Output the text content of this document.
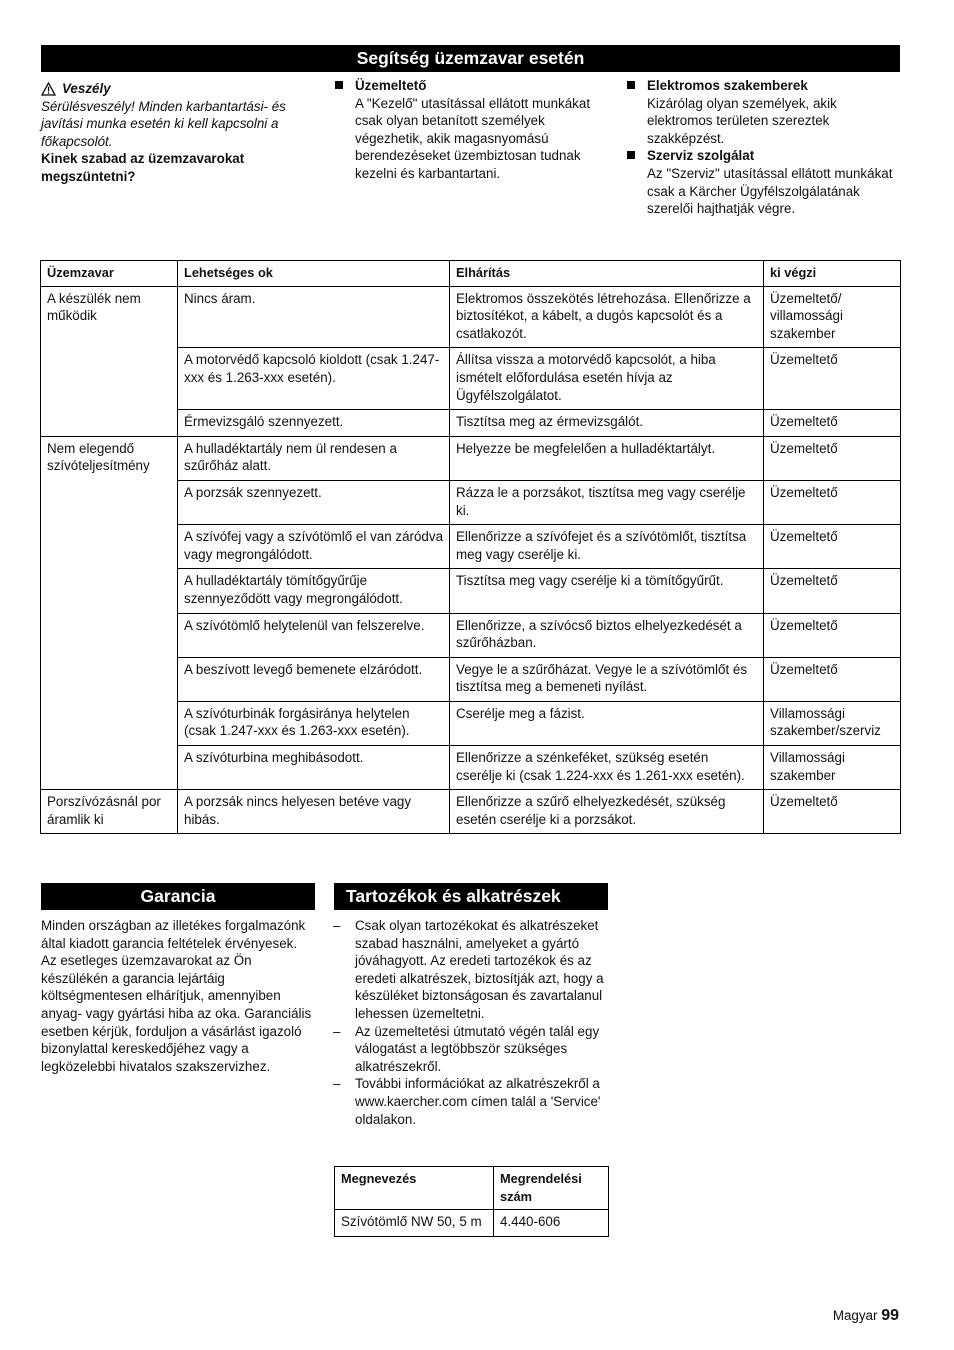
Segítség üzemzavar esetén
Veszély

Sérülésveszély! Minden karbantartási- és javítási munka esetén ki kell kapcsolni a főkapcsolót.

Kinek szabad az üzemzavarokat megszüntetni?

Üzemeltető
A "Kezelő" utasítással ellátott munkákat csak olyan betanított személyek végezhetik, akik magasnyomású berendezéseket üzembiztosan tudnak kezelni és karbantartani.
Elektromos szakemberek
Kizárólag olyan személyek, akik elektromos területen szereztek szakképzést.
Szerviz szolgálat
Az "Szerviz" utasítással ellátott munkákat csak a Kärcher Ügyfélszolgálatának szerelői hajthatják végre.
Üzemzavar	Lehetséges ok	Elhárítás	ki végzi
A készülék nem működik	Nincs áram.	Elektromos összekötés létrehozása. Ellenőrizze a biztosítékot, a kábelt, a dugós kapcsolót és a csatlakozót.	Üzemeltető/ villamossági szakember
	A motorvédő kapcsoló kioldott (csak 1.247-xxx és 1.263-xxx esetén).	Állítsa vissza a motorvédő kapcsolót, a hiba ismételt előfordulása esetén hívja az Ügyfélszolgálatot.	Üzemeltető
	Érmevizsgáló szennyezett.	Tisztítsa meg az érmevizsgálót.	Üzemeltető
Nem elegendő szívóteljesítmény	A hulladéktartály nem ül rendesen a szűrőház alatt.	Helyezze be megfelelően a hulladéktartályt.	Üzemeltető
	A porzsák szennyezett.	Rázza le a porzsákot, tisztítsa meg vagy cserélje ki.	Üzemeltető
	A szívófej vagy a szívótömlő el van záródva vagy megrongálódott.	Ellenőrizze a szívófejet és a szívótömlőt, tisztítsa meg vagy cserélje ki.	Üzemeltető
	A hulladéktartály tömítőgyűrűje szennyeződött vagy megrongálódott.	Tisztítsa meg vagy cserélje ki a tömítőgyűrűt.	Üzemeltető
	A szívótömlő helytelenül van felszerelve.	Ellenőrizze, a szívócső biztos elhelyezkedését a szűrőházban.	Üzemeltető
	A beszívott levegő bemenete elzáródott.	Vegye le a szűrőházat. Vegye le a szívótömlőt és tisztítsa meg a bemeneti nyílást.	Üzemeltető
	A szívóturbinák forgásiránya helytelen (csak 1.247-xxx és 1.263-xxx esetén).	Cserélje meg a fázist.	Villamossági szakember/szerviz
	A szívóturbina meghibásodott.	Ellenőrizze a szénkeféket, szükség esetén cserélje ki (csak 1.224-xxx és 1.261-xxx esetén).	Villamossági szakember
Porszívózásnál por áramlik ki	A porzsák nincs helyesen betéve vagy hibás.	Ellenőrizze a szűrő elhelyezkedését, szükség esetén cserélje ki a porzsákot.	Üzemeltető
Garancia

Minden országban az illetékes forgalmazónk által kiadott garancia feltételek érvényesek. Az esetleges üzemzavarokat az Ön készülékén a garancia lejártáig költségmentesen elhárítjuk, amennyiben anyag- vagy gyártási hiba az oka. Garanciális esetben kérjük, forduljon a vásárlást igazoló bizonylattal kereskedőjéhez vagy a legközelebbi hivatalos szakszervizhez.

Tartozékok és alkatrészek
– Csak olyan tartozékokat és alkatrészeket szabad használni, amelyeket a gyártó jóváhagyott. Az eredeti tartozékok és az eredeti alkatrészek, biztosítják azt, hogy a készüléket biztonságosan és zavartalanul lehessen üzemeltetni.
– Az üzemeltetési útmutató végén talál egy válogatást a legtöbbször szükséges alkatrészekről.
– További információkat az alkatrészekről a www.kaercher.com címen talál a 'Service' oldalakon.
Megnevezés	Megrendelési szám
Szívótömlő NW 50, 5 m	4.440-606
Magyar 99
